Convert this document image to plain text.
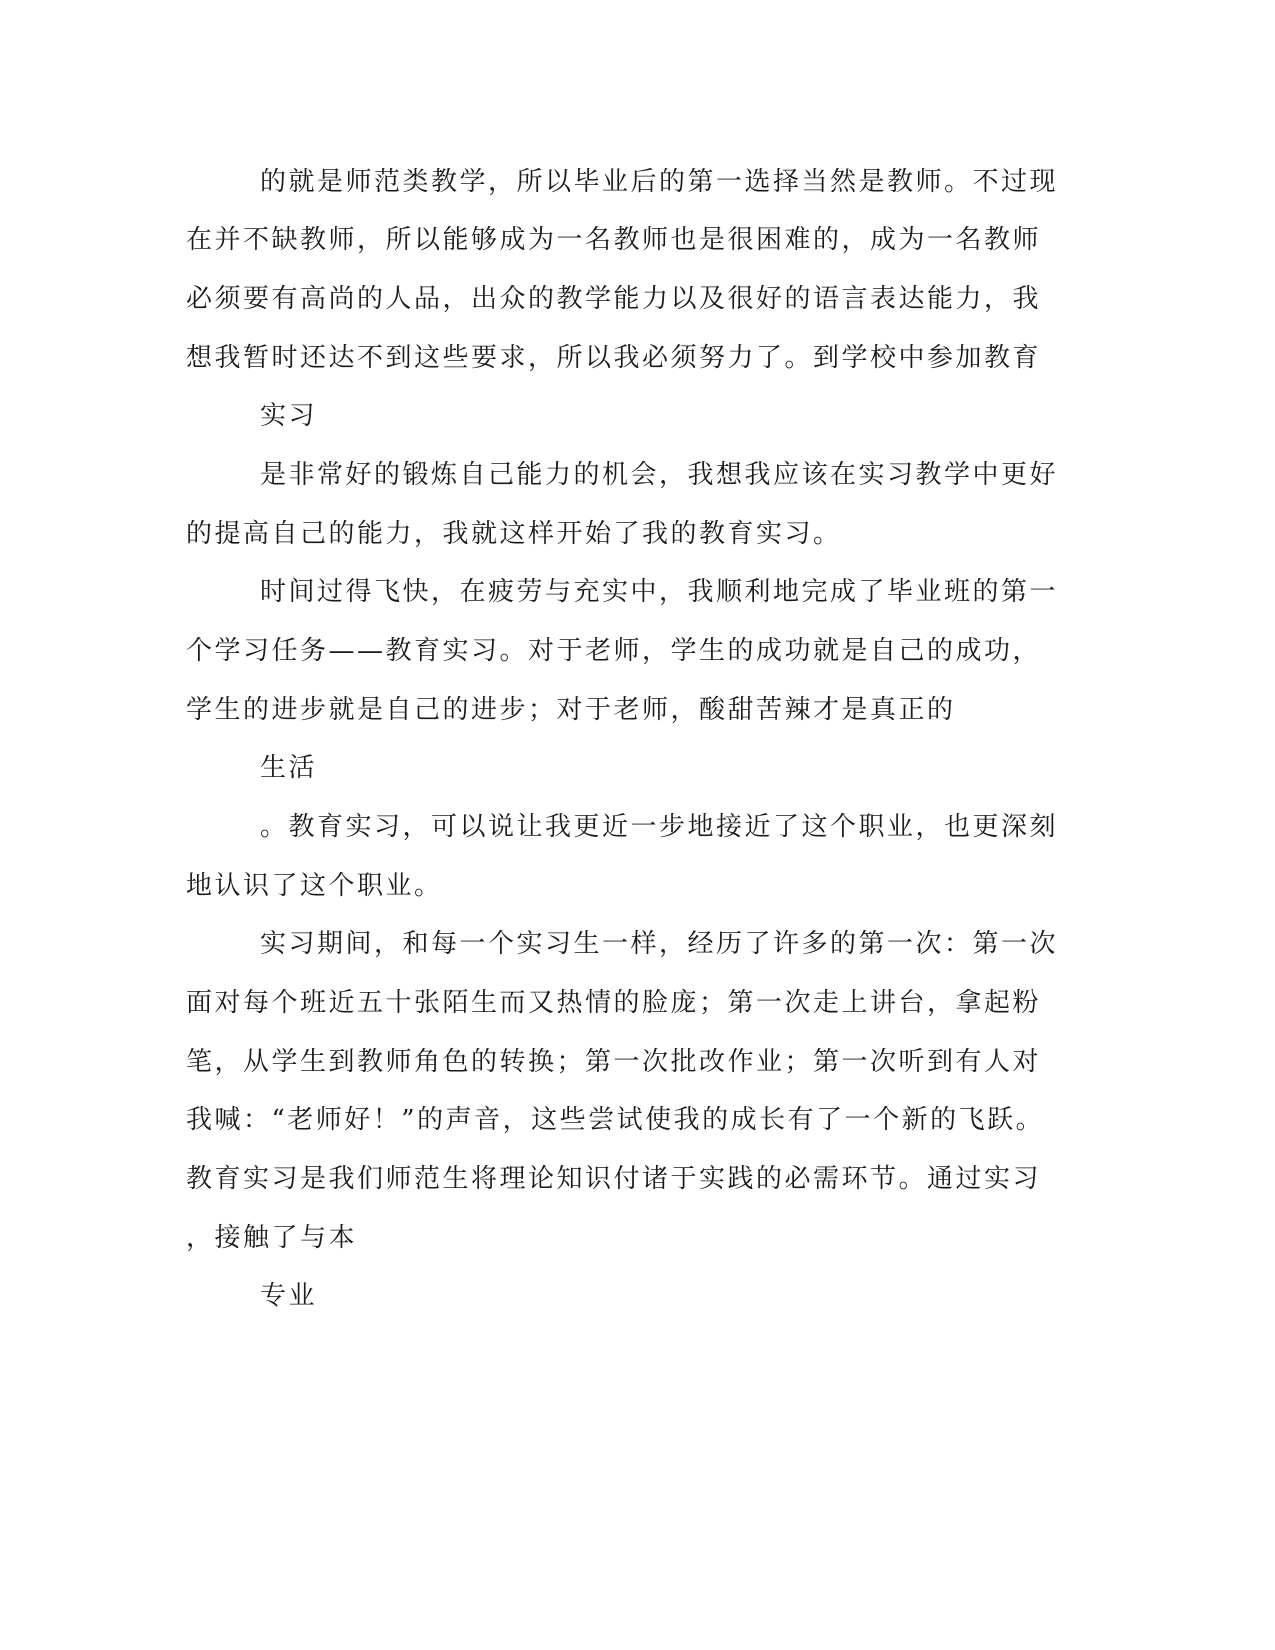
的就是师范类教学，所以毕业后的第一选择当然是教师。不过现
在并不缺教师，所以能够成为一名教师也是很困难的，成为一名教师
必须要有高尚的人品，出众的教学能力以及很好的语言表达能力，我
想我暂时还达不到这些要求，所以我必须努力了。到学校中参加教育
实习
是非常好的锻炼自己能力的机会，我想我应该在实习教学中更好
的提高自己的能力，我就这样开始了我的教育实习。
时间过得飞快，在疲劳与充实中，我顺利地完成了毕业班的第一
个学习任务——教育实习。对于老师，学生的成功就是自己的成功，
学生的进步就是自己的进步；对于老师，酸甜苦辣才是真正的
生活
。教育实习，可以说让我更近一步地接近了这个职业，也更深刻
地认识了这个职业。
实习期间，和每一个实习生一样，经历了许多的第一次：第一次
面对每个班近五十张陌生而又热情的脸庞；第一次走上讲台，拿起粉
笔，从学生到教师角色的转换；第一次批改作业；第一次听到有人对
我喊：“老师好！”的声音，这些尝试使我的成长有了一个新的飞跃。
教育实习是我们师范生将理论知识付诸于实践的必需环节。通过实习
，接触了与本
专业
